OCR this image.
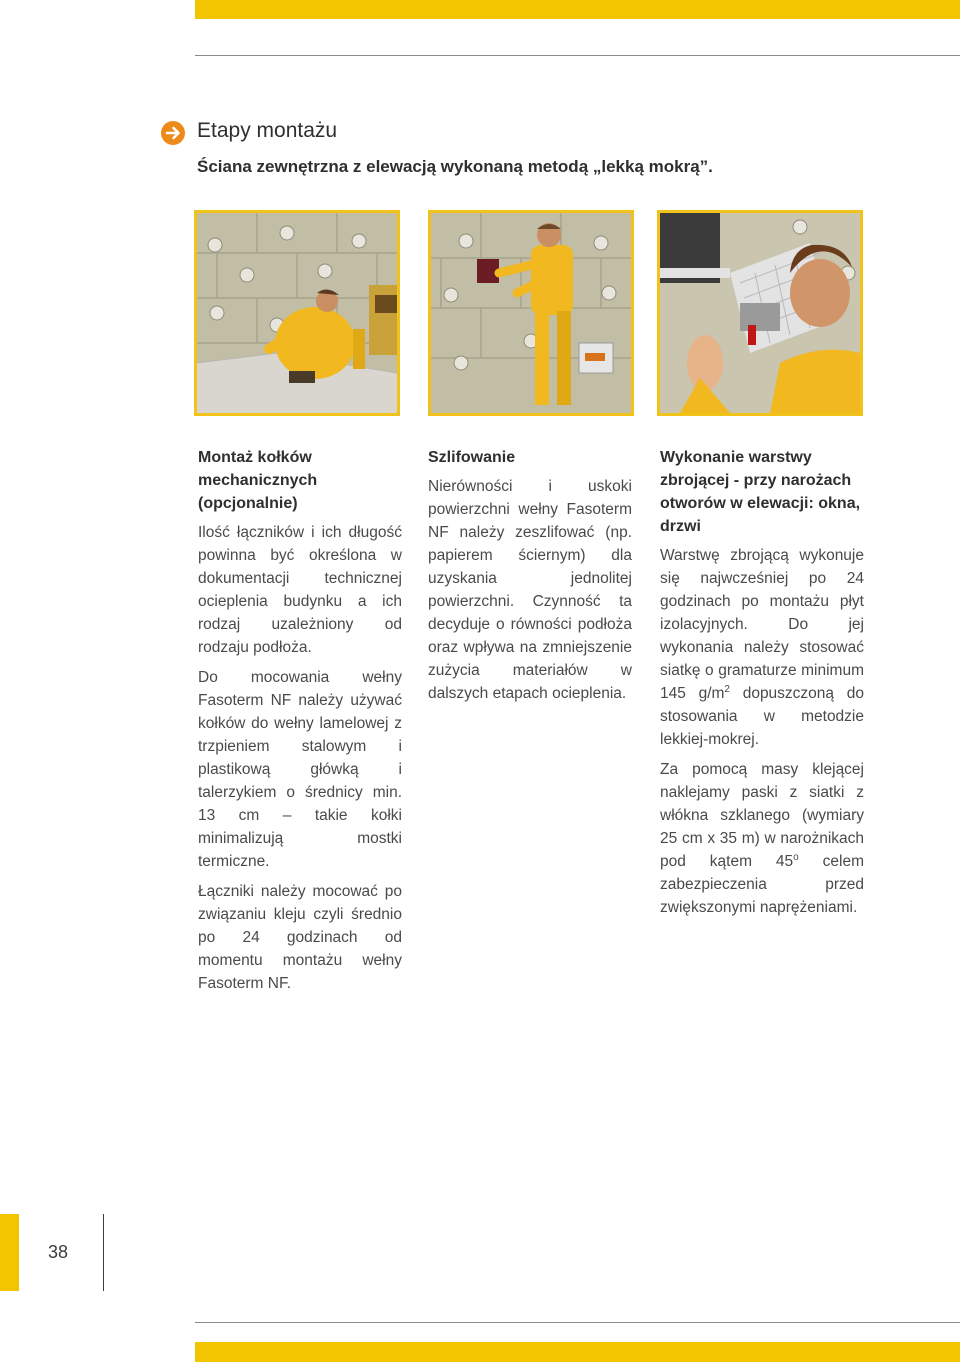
Etapy montażu
Ściana zewnętrzna z elewacją wykonaną metodą „lekką mokrą”.
Montaż kołków mechanicznych (opcjonalnie)

Ilość łączników i ich długość powinna być określona w dokumentacji technicznej ocieplenia budynku a ich rodzaj uzależniony od rodzaju podłoża.

Do mocowania wełny Fasoterm NF należy używać kołków do wełny lamelowej z trzpieniem stalowym i plastikową główką i talerzykiem o średnicy min. 13 cm – takie kołki minimalizują mostki termiczne.

Łączniki należy mocować po związaniu kleju czyli średnio po 24 godzinach od momentu montażu wełny Fasoterm NF.

Szlifowanie

Nierówności i uskoki powierzchni wełny Fasoterm NF należy zeszlifować (np. papierem ściernym) dla uzyskania jednolitej powierzchni. Czynność ta decyduje o równości podłoża oraz wpływa na zmniejszenie zużycia materiałów w dalszych etapach ocieplenia.

Wykonanie warstwy zbrojącej - przy narożach otworów w elewacji: okna, drzwi

Warstwę zbrojącą wykonuje się najwcześniej po 24 godzinach po montażu płyt izolacyjnych. Do jej wykonania należy stosować siatkę o gramaturze minimum 145 $g/m^2$ dopuszczoną do stosowania w metodzie lekkiej-mokrej.

Za pomocą masy klejącej naklejamy paski z siatki z włókna szklanego (wymiary 25 cm x 35 m) w narożnikach pod kątem 45$^o$ celem zabezpieczenia przed zwiększonymi naprężeniami.

38
